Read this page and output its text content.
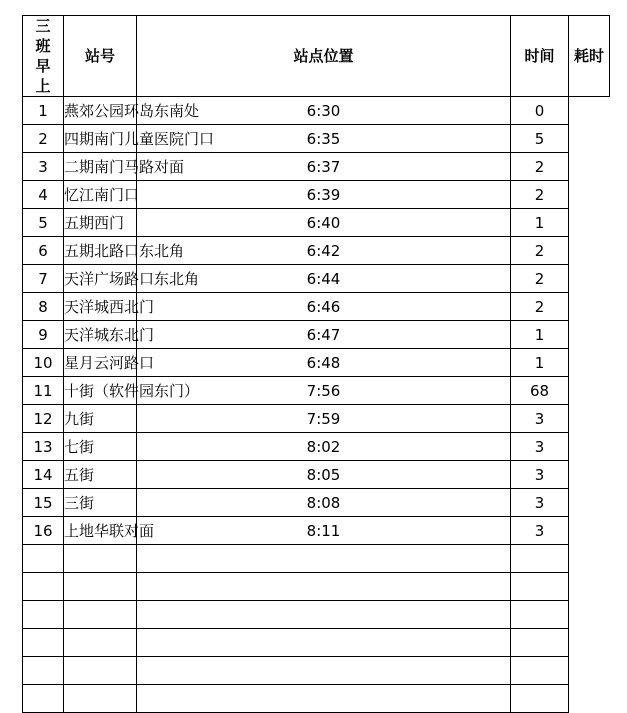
三班早上	站号	站点位置	时间	耗时
1	燕郊公园环岛东南处	6:30	0	
2	四期南门儿童医院门口	6:35	5	
3	二期南门马路对面	6:37	2	
4	忆江南门口	6:39	2	
5	五期西门	6:40	1	
6	五期北路口东北角	6:42	2	
7	天洋广场路口东北角	6:44	2	
8	天洋城西北门	6:46	2	
9	天洋城东北门	6:47	1	
10	星月云河路口	6:48	1	
11	十街（软件园东门）	7:56	68	
12	九街	7:59	3	
13	七街	8:02	3	
14	五街	8:05	3	
15	三街	8:08	3	
16	上地华联对面	8:11	3	
